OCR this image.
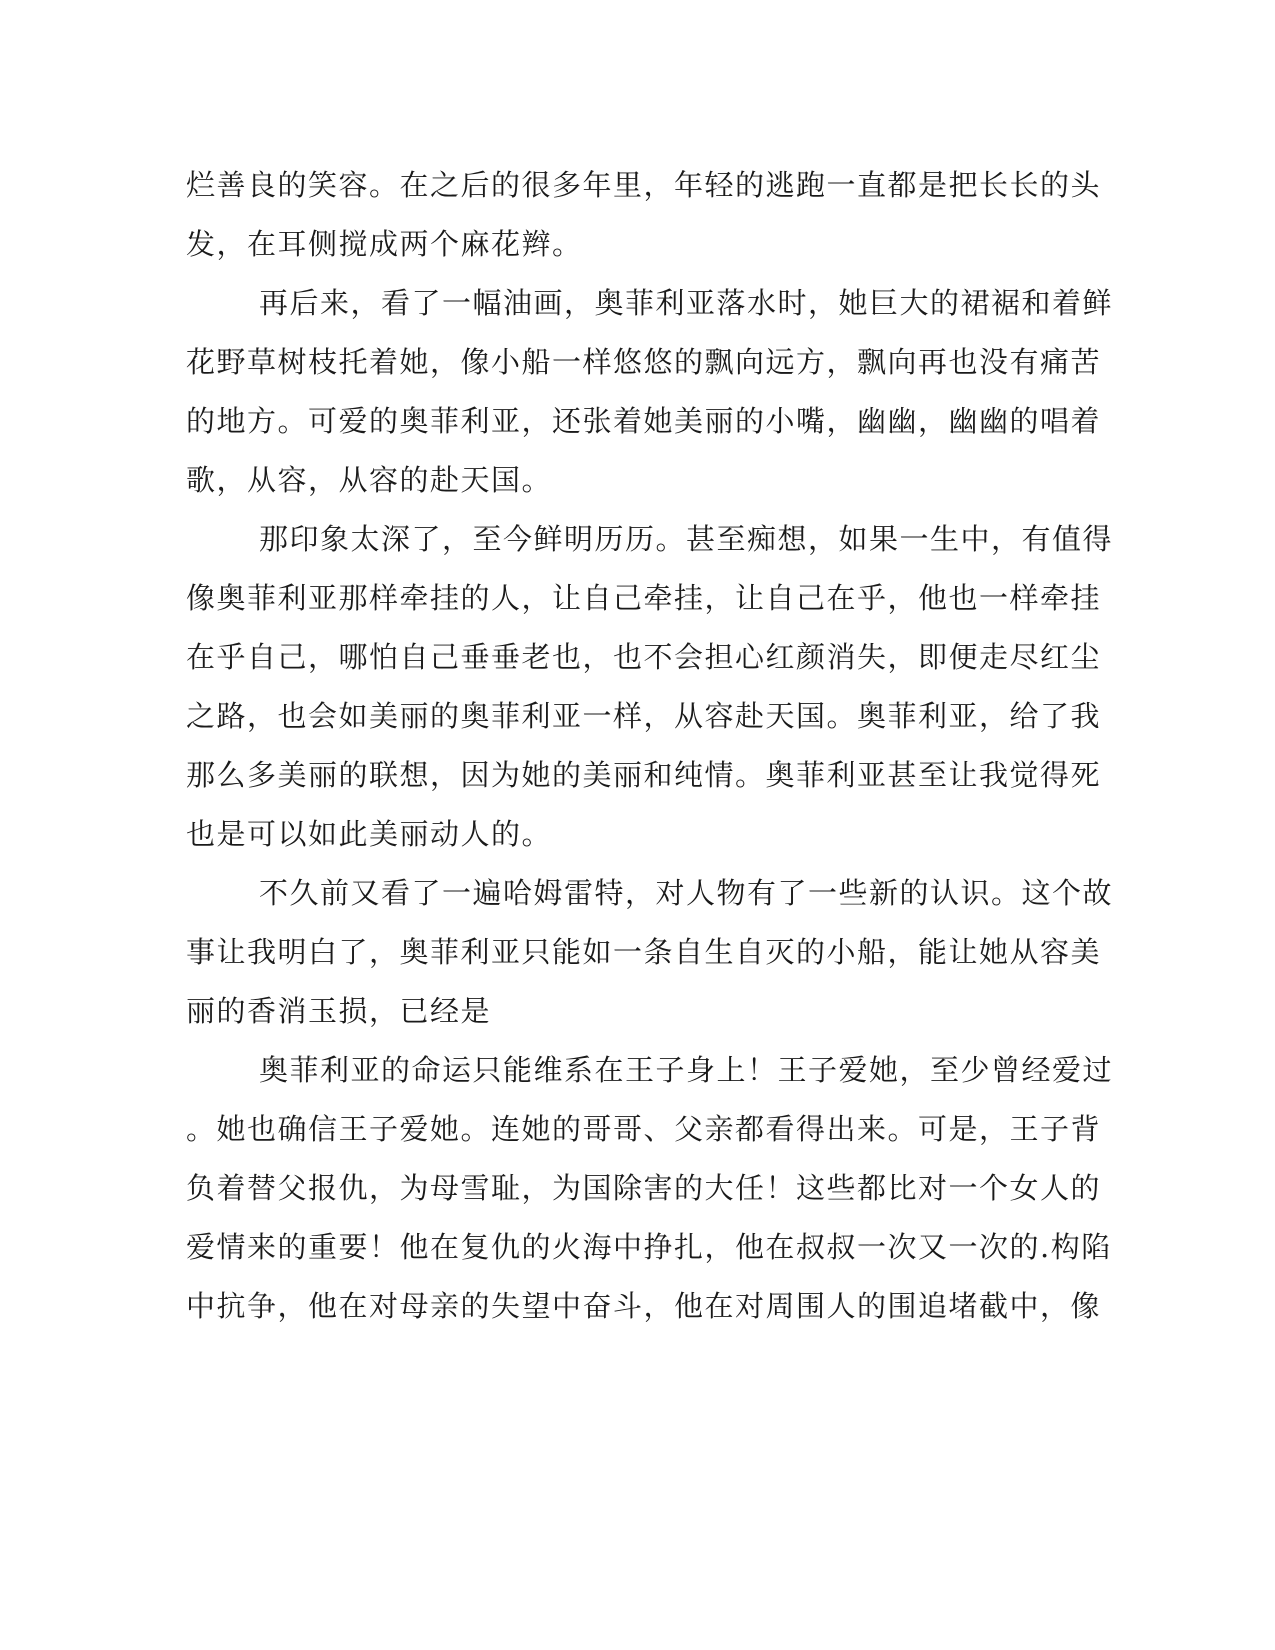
烂善良的笑容。在之后的很多年里，年轻的逃跑一直都是把长长的头
发，在耳侧搅成两个麻花辫。
再后来，看了一幅油画，奥菲利亚落水时，她巨大的裙裾和着鲜
花野草树枝托着她，像小船一样悠悠的飘向远方，飘向再也没有痛苦
的地方。可爱的奥菲利亚，还张着她美丽的小嘴，幽幽，幽幽的唱着
歌，从容，从容的赴天国。
那印象太深了，至今鲜明历历。甚至痴想，如果一生中，有值得
像奥菲利亚那样牵挂的人，让自己牵挂，让自己在乎，他也一样牵挂
在乎自己，哪怕自己垂垂老也，也不会担心红颜消失，即便走尽红尘
之路，也会如美丽的奥菲利亚一样，从容赴天国。奥菲利亚，给了我
那么多美丽的联想，因为她的美丽和纯情。奥菲利亚甚至让我觉得死
也是可以如此美丽动人的。
不久前又看了一遍哈姆雷特，对人物有了一些新的认识。这个故
事让我明白了，奥菲利亚只能如一条自生自灭的小船，能让她从容美
丽的香消玉损，已经是
奥菲利亚的命运只能维系在王子身上！王子爱她，至少曾经爱过
。她也确信王子爱她。连她的哥哥、父亲都看得出来。可是，王子背
负着替父报仇，为母雪耻，为国除害的大任！这些都比对一个女人的
爱情来的重要！他在复仇的火海中挣扎，他在叔叔一次又一次的.构陷
中抗争，他在对母亲的失望中奋斗，他在对周围人的围追堵截中，像
